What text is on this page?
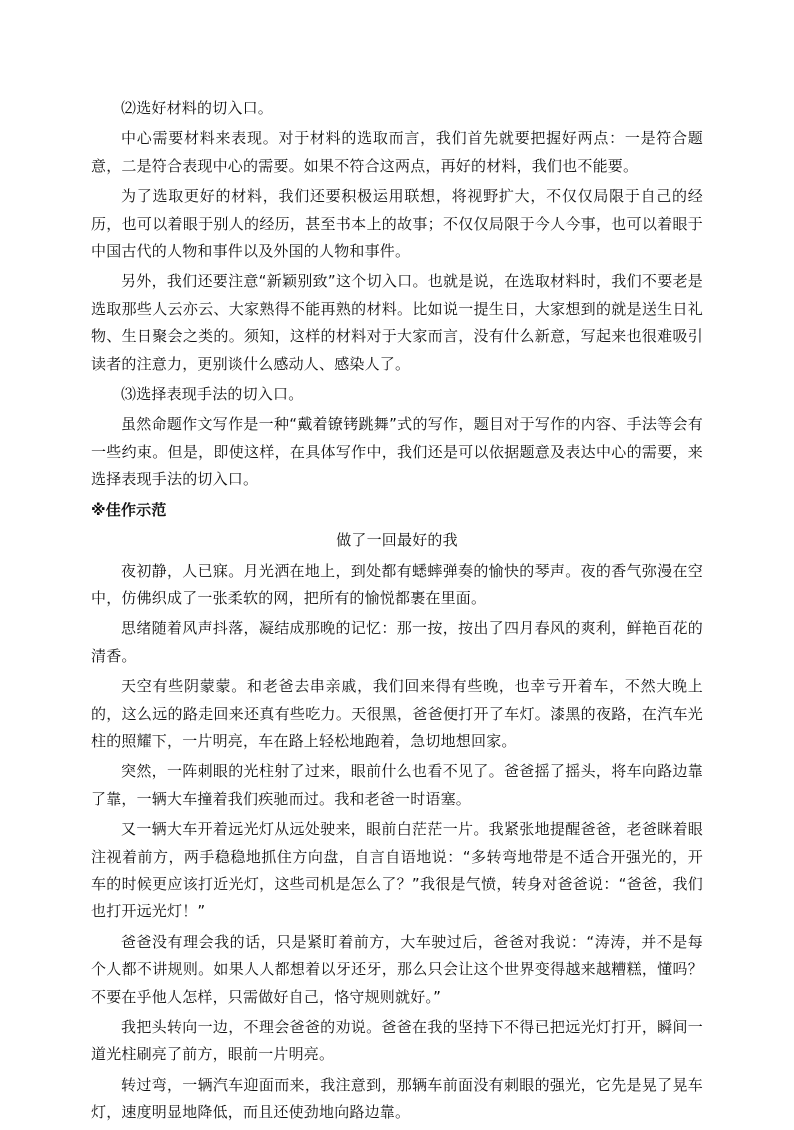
⑵选好材料的切入口。

中心需要材料来表现。对于材料的选取而言，我们首先就要把握好两点：一是符合题意，二是符合表现中心的需要。如果不符合这两点，再好的材料，我们也不能要。

为了选取更好的材料，我们还要积极运用联想，将视野扩大，不仅仅局限于自己的经历，也可以着眼于别人的经历，甚至书本上的故事；不仅仅局限于今人今事，也可以着眼于中国古代的人物和事件以及外国的人物和事件。

另外，我们还要注意“新颖别致”这个切入口。也就是说，在选取材料时，我们不要老是选取那些人云亦云、大家熟得不能再熟的材料。比如说一提生日，大家想到的就是送生日礼物、生日聚会之类的。须知，这样的材料对于大家而言，没有什么新意，写起来也很难吸引读者的注意力，更别谈什么感动人、感染人了。

⑶选择表现手法的切入口。

虽然命题作文写作是一种“戴着镣铐跳舞”式的写作，题目对于写作的内容、手法等会有一些约束。但是，即使这样，在具体写作中，我们还是可以依据题意及表达中心的需要，来选择表现手法的切入口。

※佳作示范

做了一回最好的我

夜初静，人已寐。月光洒在地上，到处都有蟋蟀弹奏的愉快的琴声。夜的香气弥漫在空中，仿佛织成了一张柔软的网，把所有的愉悦都裹在里面。

思绪随着风声抖落，凝结成那晚的记忆：那一按，按出了四月春风的爽利，鲜艳百花的清香。

天空有些阴蒙蒙。和老爸去串亲戚，我们回来得有些晚，也幸亏开着车，不然大晚上的，这么远的路走回来还真有些吃力。天很黑，爸爸便打开了车灯。漆黑的夜路，在汽车光柱的照耀下，一片明亮，车在路上轻松地跑着，急切地想回家。

突然，一阵刺眼的光柱射了过来，眼前什么也看不见了。爸爸摇了摇头，将车向路边靠了靠，一辆大车撞着我们疾驰而过。我和老爸一时语塞。

又一辆大车开着远光灯从远处驶来，眼前白茫茫一片。我紧张地提醒爸爸，老爸眯着眼注视着前方，两手稳稳地抓住方向盘，自言自语地说：“多转弯地带是不适合开强光的，开车的时候更应该打近光灯，这些司机是怎么了？”我很是气愤，转身对爸爸说：“爸爸，我们也打开远光灯！”

爸爸没有理会我的话，只是紧盯着前方，大车驶过后，爸爸对我说：“涛涛，并不是每个人都不讲规则。如果人人都想着以牙还牙，那么只会让这个世界变得越来越糟糕，懂吗？不要在乎他人怎样，只需做好自己，恪守规则就好。”

我把头转向一边，不理会爸爸的劝说。爸爸在我的坚持下不得已把远光灯打开，瞬间一道光柱刷亮了前方，眼前一片明亮。

转过弯，一辆汽车迎面而来，我注意到，那辆车前面没有刺眼的强光，它先是晃了晃车灯，速度明显地降低，而且还使劲地向路边靠。
